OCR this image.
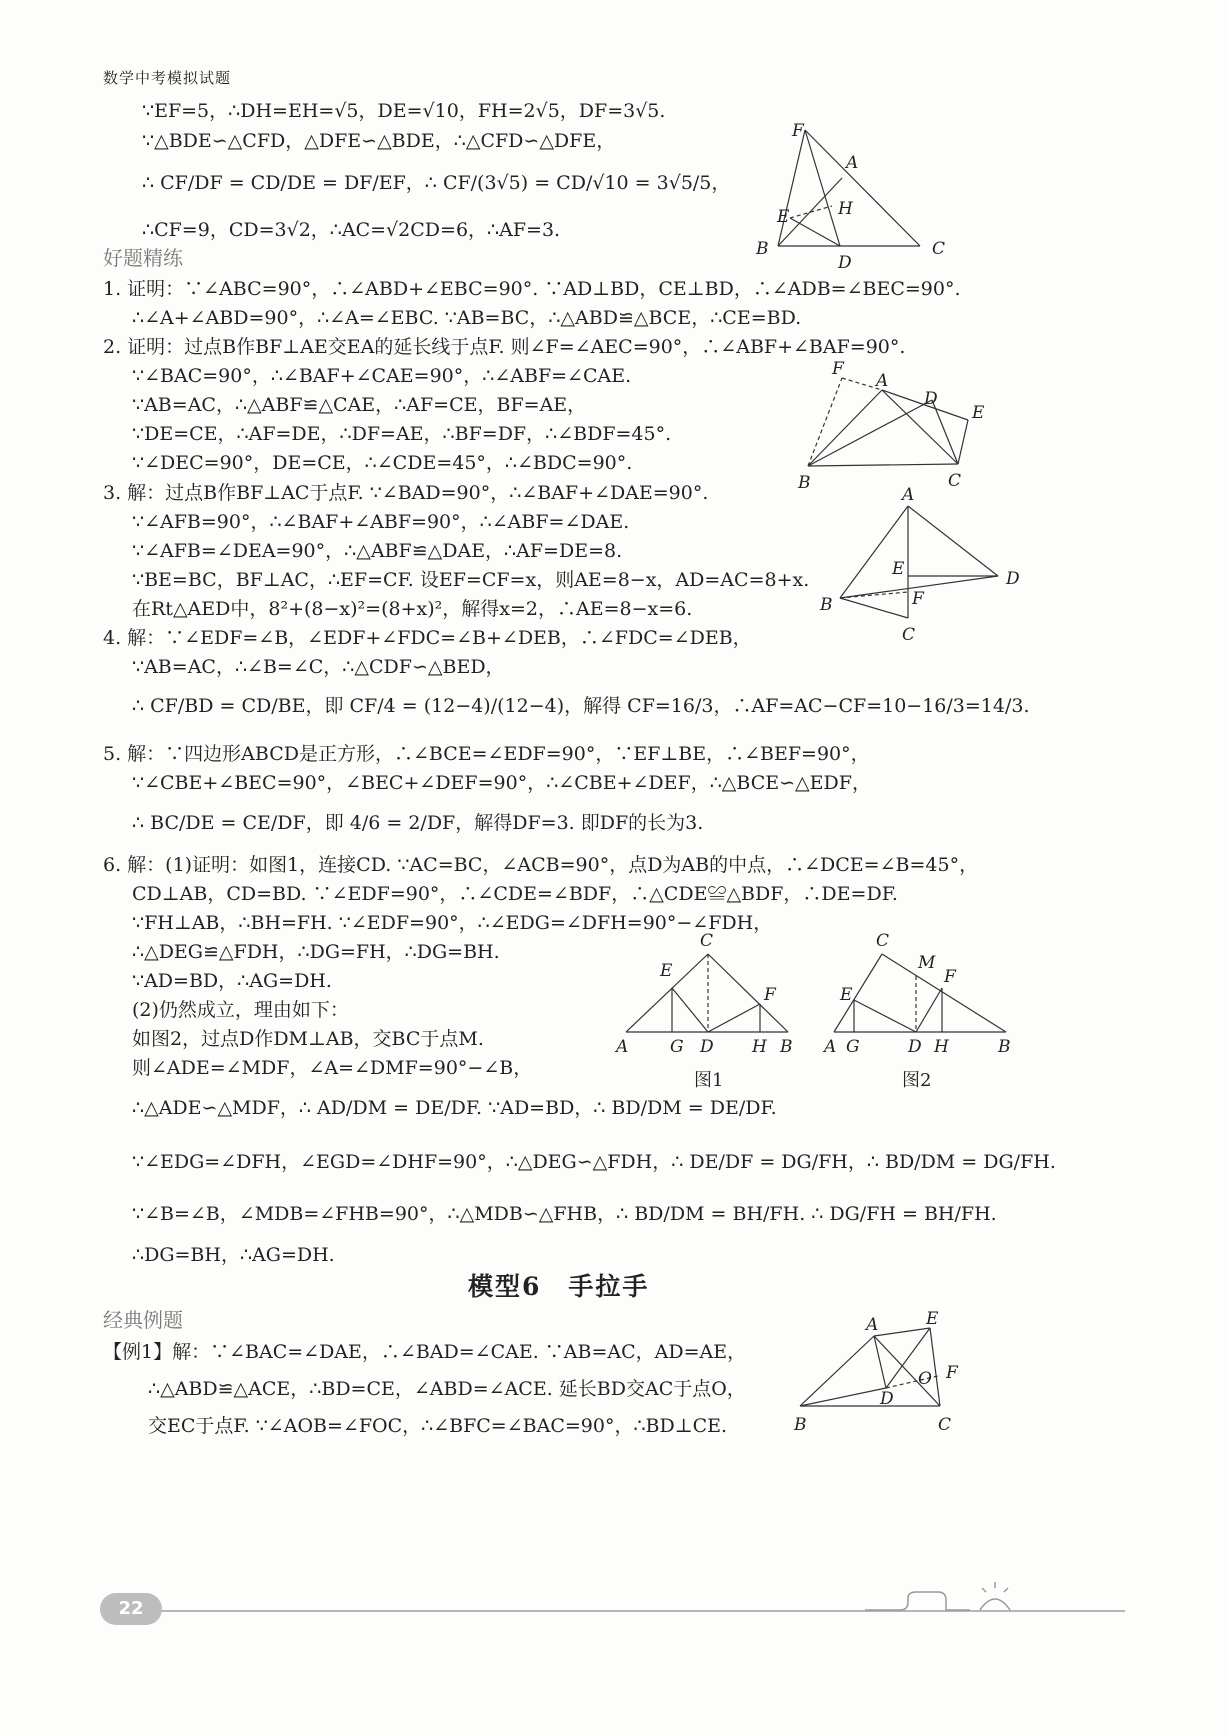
数学中考模拟试题
∵EF=5，∴DH=EH=√5，DE=√10，FH=2√5，DF=3√5.
∵△BDE∽△CFD，△DFE∽△BDE，∴△CFD∽△DFE，
∴ CF/DF = CD/DE = DF/EF，∴ CF/(3√5) = CD/√10 = 3√5/5，
∴CF=9，CD=3√2，∴AC=√2CD=6，∴AF=3.
F
A
H
E
B
D
C
好题精练
1. 证明：∵∠ABC=90°，∴∠ABD+∠EBC=90°. ∵AD⊥BD，CE⊥BD，∴∠ADB=∠BEC=90°.
∴∠A+∠ABD=90°，∴∠A=∠EBC. ∵AB=BC，∴△ABD≌△BCE，∴CE=BD.
2. 证明：过点B作BF⊥AE交EA的延长线于点F. 则∠F=∠AEC=90°，∴∠ABF+∠BAF=90°.
∵∠BAC=90°，∴∠BAF+∠CAE=90°，∴∠ABF=∠CAE.
∵AB=AC，∴△ABF≌△CAE，∴AF=CE，BF=AE，
∵DE=CE，∴AF=DE，∴DF=AE，∴BF=DF，∴∠BDF=45°.
∵∠DEC=90°，DE=CE，∴∠CDE=45°，∴∠BDC=90°.
F
A
D
E
B	C
3. 解：过点B作BF⊥AC于点F. ∵∠BAD=90°，∴∠BAF+∠DAE=90°.
∵∠AFB=90°，∴∠BAF+∠ABF=90°，∴∠ABF=∠DAE.
∵∠AFB=∠DEA=90°，∴△ABF≌△DAE，∴AF=DE=8.
∵BE=BC，BF⊥AC，∴EF=CF. 设EF=CF=x，则AE=8−x，AD=AC=8+x.
在Rt△AED中，8²+(8−x)²=(8+x)²，解得x=2，∴AE=8−x=6.
A
E	D
F
B
C
4. 解：∵∠EDF=∠B，∠EDF+∠FDC=∠B+∠DEB，∴∠FDC=∠DEB，
∵AB=AC，∴∠B=∠C，∴△CDF∽△BED，
∴ CF/BD = CD/BE，即 CF/4 = (12−4)/(12−4)，解得 CF=16/3，∴AF=AC−CF=10−16/3=14/3.
5. 解：∵四边形ABCD是正方形，∴∠BCE=∠EDF=90°，∵EF⊥BE，∴∠BEF=90°，
∵∠CBE+∠BEC=90°，∠BEC+∠DEF=90°，∴∠CBE+∠DEF，∴△BCE∽△EDF，
∴ BC/DE = CE/DF，即 4/6 = 2/DF，解得DF=3. 即DF的长为3.
6. 解：(1)证明：如图1，连接CD. ∵AC=BC，∠ACB=90°，点D为AB的中点，∴∠DCE=∠B=45°，
CD⊥AB，CD=BD. ∵∠EDF=90°，∴∠CDE=∠BDF，∴△CDE≌△BDF，∴DE=DF.
∵FH⊥AB，∴BH=FH. ∵∠EDF=90°，∴∠EDG=∠DFH=90°−∠FDH，
∴△DEG≌△FDH，∴DG=FH，∴DG=BH.
∵AD=BD，∴AG=DH.
(2)仍然成立，理由如下：
如图2，过点D作DM⊥AB，交BC于点M.
则∠ADE=∠MDF，∠A=∠DMF=90°−∠B，
∴△ADE∽△MDF，∴ AD/DM = DE/DF. ∵AD=BD，∴ BD/DM = DE/DF.
∵∠EDG=∠DFH，∠EGD=∠DHF=90°，∴△DEG∽△FDH，∴ DE/DF = DG/FH，∴ BD/DM = DG/FH.
∵∠B=∠B，∠MDB=∠FHB=90°，∴△MDB∽△FHB，∴ BD/DM = BH/FH. ∴ DG/FH = BH/FH.
∴DG=BH，∴AG=DH.
C
E
F
A G D H B
图1
C
M
F
E
A G	D H	B
图2
模型6　手拉手
经典例题
【例1】解：∵∠BAC=∠DAE，∴∠BAD=∠CAE. ∵AB=AC，AD=AE，
∴△ABD≌△ACE，∴BD=CE，∠ABD=∠ACE. 延长BD交AC于点O，
交EC于点F. ∵∠AOB=∠FOC，∴∠BFC=∠BAC=90°，∴BD⊥CE.
A	E
O F
D
B	C
22
